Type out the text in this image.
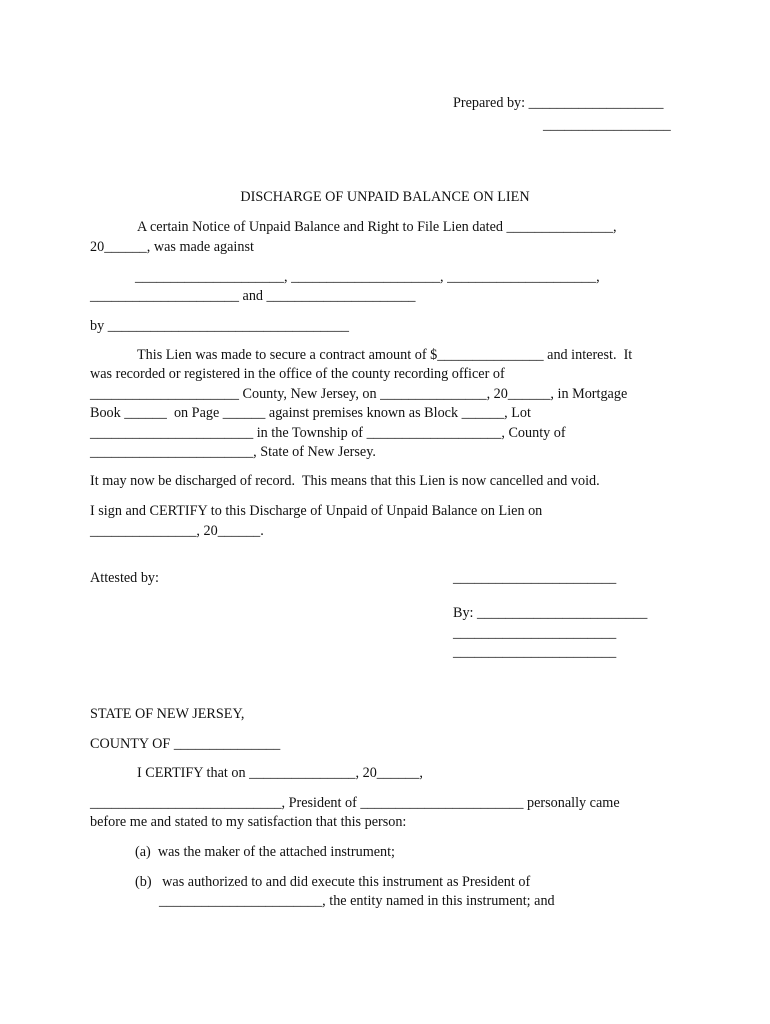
Prepared by: ___________________

__________________

DISCHARGE OF UNPAID BALANCE ON LIEN

A certain Notice of Unpaid Balance and Right to File Lien dated _______________,

20______, was made against

_____________________, _____________________, _____________________,

_____________________ and _____________________

by __________________________________

This Lien was made to secure a contract amount of $_______________ and interest.  It

was recorded or registered in the office of the county recording officer of

_____________________ County, New Jersey, on _______________, 20______, in Mortgage

Book ______  on Page ______ against premises known as Block ______, Lot

_______________________ in the Township of ___________________, County of

_______________________, State of New Jersey.

It may now be discharged of record.  This means that this Lien is now cancelled and void.

I sign and CERTIFY to this Discharge of Unpaid of Unpaid Balance on Lien on

_______________, 20______.

Attested by:	_______________________

By: ________________________

_______________________

_______________________

STATE OF NEW JERSEY,

COUNTY OF _______________

I CERTIFY that on _______________, 20______,

___________________________, President of _______________________ personally came

before me and stated to my satisfaction that this person:

(a)  was the maker of the attached instrument;

(b)   was authorized to and did execute this instrument as President of

_______________________, the entity named in this instrument; and
